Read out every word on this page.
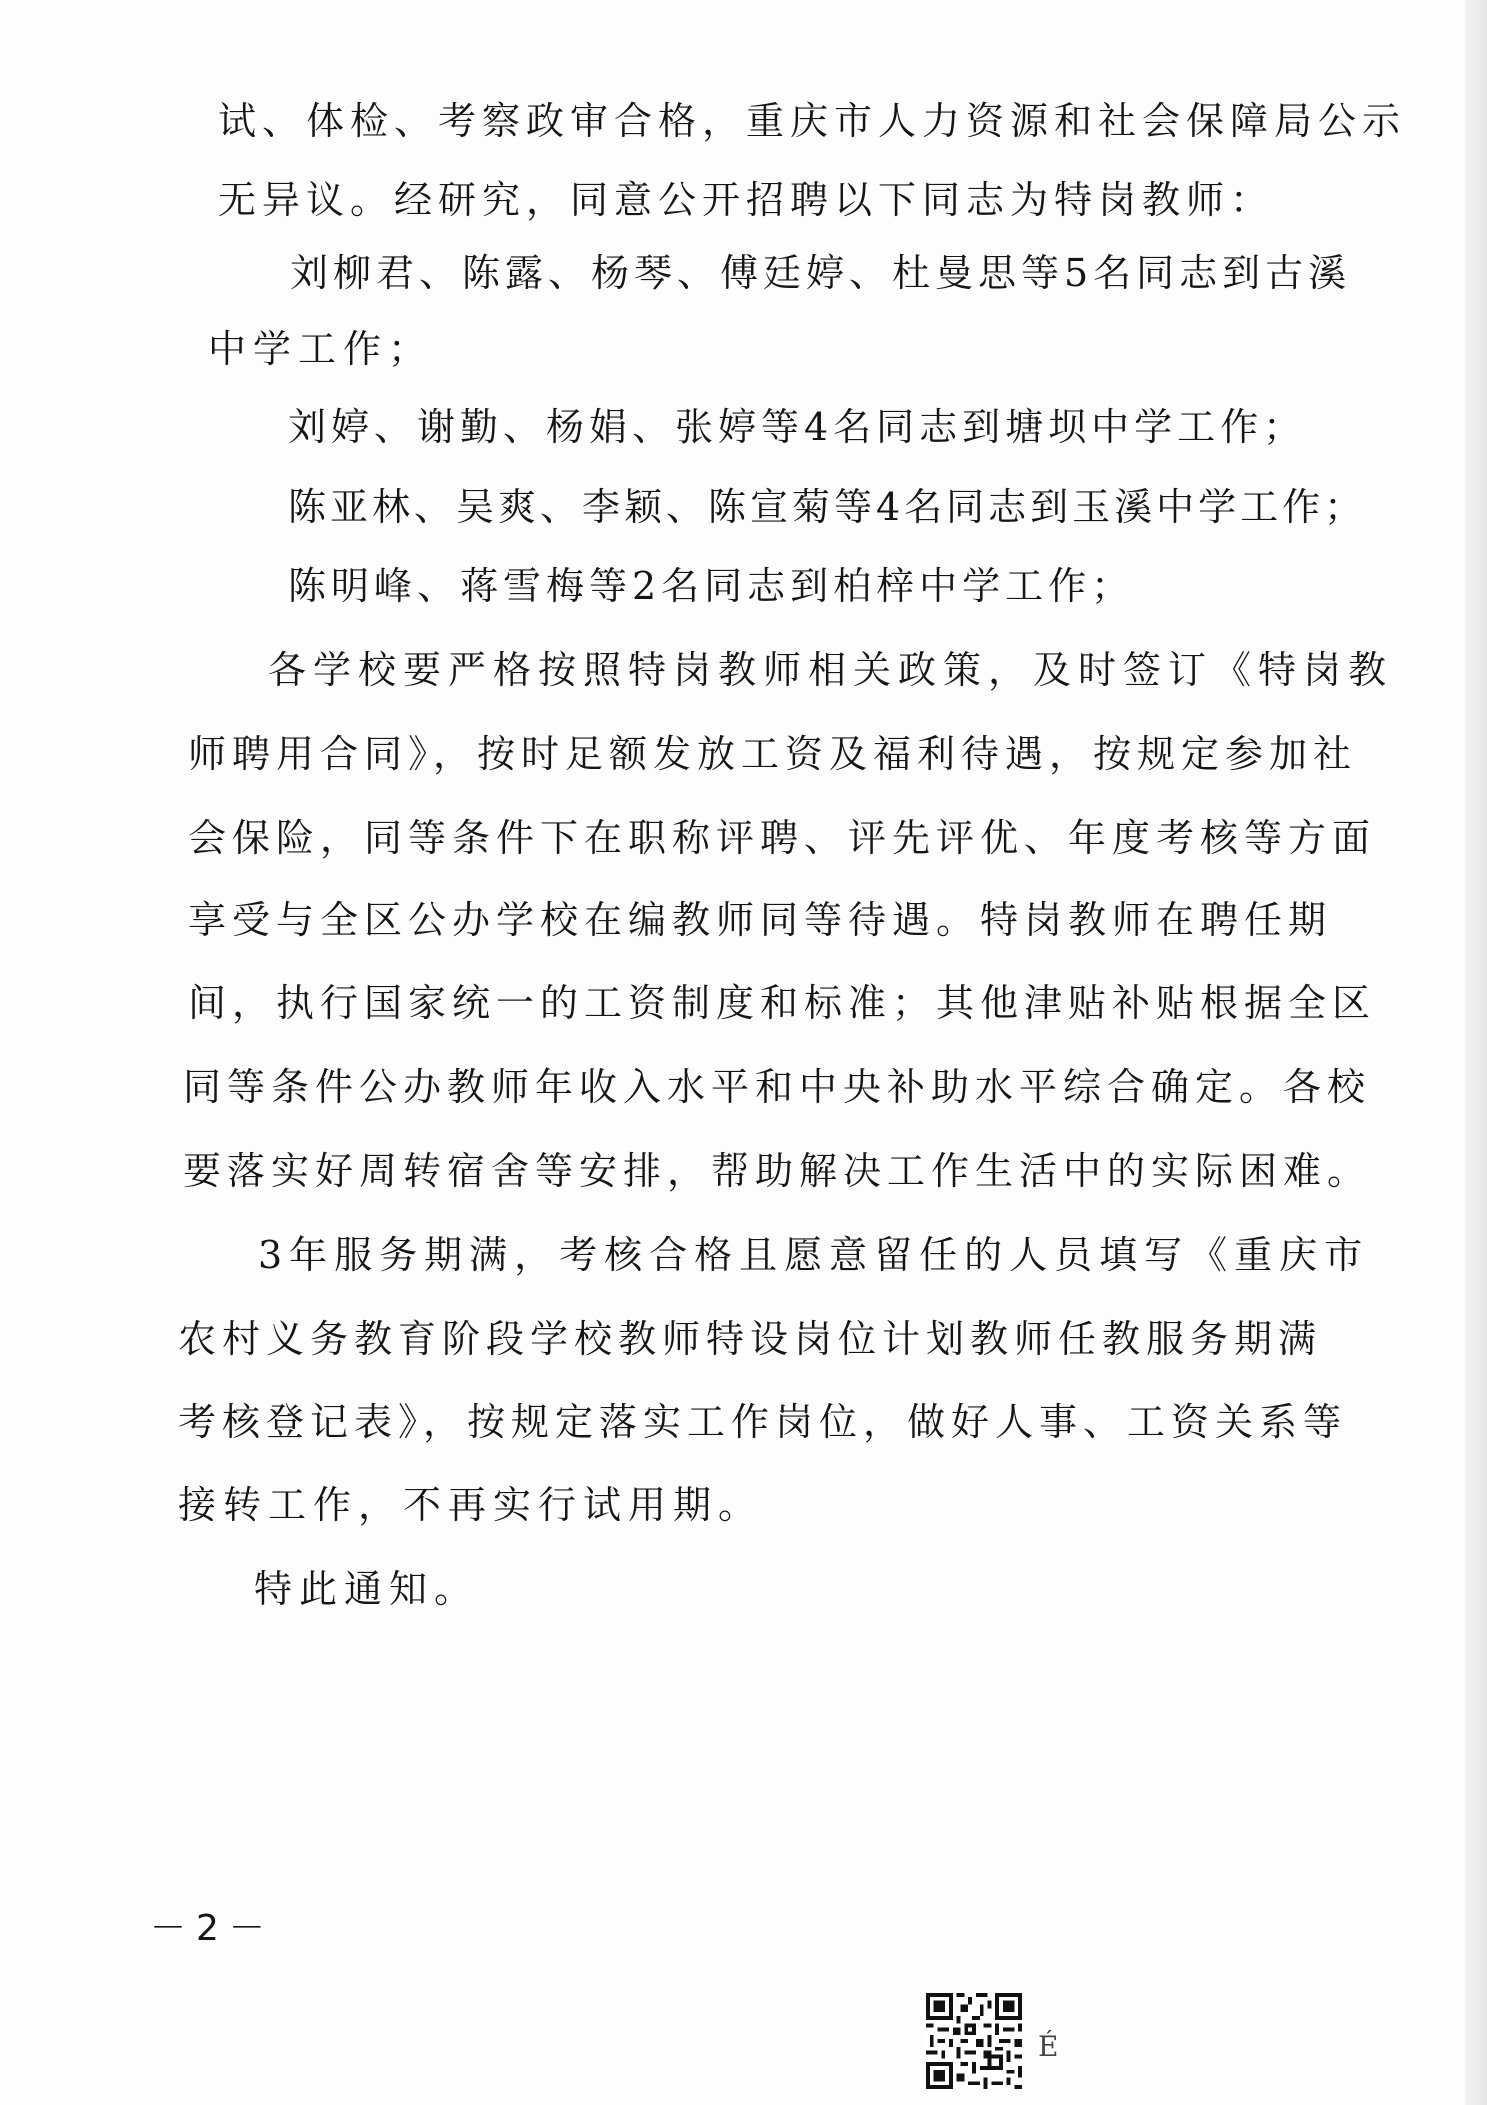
试、体检、考察政审合格，重庆市人力资源和社会保障局公示
无异议。经研究，同意公开招聘以下同志为特岗教师：
刘柳君、陈露、杨琴、傅廷婷、杜曼思等5名同志到古溪
中学工作；
刘婷、谢勤、杨娟、张婷等4名同志到塘坝中学工作；
陈亚林、吴爽、李颖、陈宣菊等4名同志到玉溪中学工作；
陈明峰、蒋雪梅等2名同志到柏梓中学工作；
各学校要严格按照特岗教师相关政策，及时签订《特岗教
师聘用合同》，按时足额发放工资及福利待遇，按规定参加社
会保险，同等条件下在职称评聘、评先评优、年度考核等方面
享受与全区公办学校在编教师同等待遇。特岗教师在聘任期
间，执行国家统一的工资制度和标准；其他津贴补贴根据全区
同等条件公办教师年收入水平和中央补助水平综合确定。各校
要落实好周转宿舍等安排，帮助解决工作生活中的实际困难。
3年服务期满，考核合格且愿意留任的人员填写《重庆市
农村义务教育阶段学校教师特设岗位计划教师任教服务期满
考核登记表》，按规定落实工作岗位，做好人事、工资关系等
接转工作，不再实行试用期。
特此通知。
－2－
É
